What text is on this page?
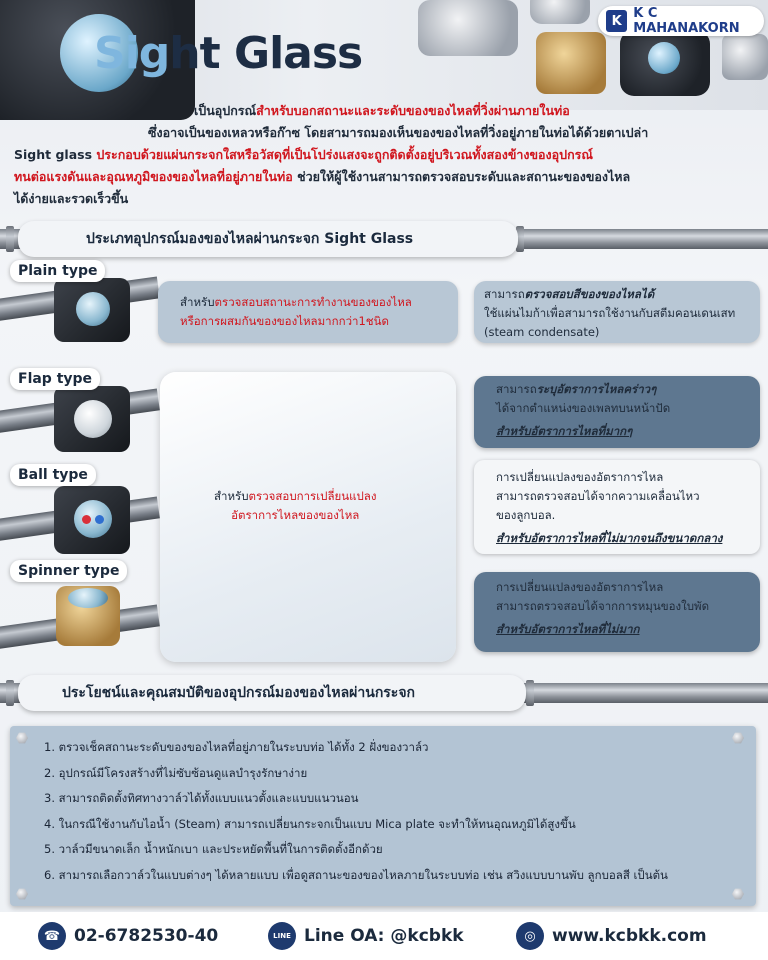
Sight Glass
K K C MAHANAKORN
เป็นอุปกรณ์สำหรับบอกสถานะและระดับของของไหลที่วิ่งผ่านภายในท่อ
ซึ่งอาจเป็นของเหลวหรือก๊าซ โดยสามารถมองเห็นของของไหลที่วิ่งอยู่ภายในท่อได้ด้วยตาเปล่า
Sight glass ประกอบด้วยแผ่นกระจกใสหรือวัสดุที่เป็นโปร่งแสงจะถูกติดตั้งอยู่บริเวณทั้งสองข้างของอุปกรณ์
ทนต่อแรงดันและอุณหภูมิของของไหลที่อยู่ภายในท่อ ช่วยให้ผู้ใช้งานสามารถตรวจสอบระดับและสถานะของของไหล
ได้ง่ายและรวดเร็วขึ้น
ประเภทอุปกรณ์มองของไหลผ่านกระจก Sight Glass
Plain type
สำหรับตรวจสอบสถานะการทำงานของของไหล
หรือการผสมกันของของไหลมากกว่า1ชนิด
สามารถตรวจสอบสีของของไหลได้
ใช้แผ่นไมก้าเพื่อสามารถใช้งานกับสตีมคอนเดนเสท
(steam condensate)
สำหรับตรวจสอบการเปลี่ยนแปลง
อัตราการไหลของของไหล
Flap type
สามารถระบุอัตราการไหลคร่าวๆ
ได้จากตำแหน่งของเพลทบนหน้าปัด
สำหรับอัตราการไหลที่มากๆ
Ball type	การเปลี่ยนแปลงของอัตราการไหล
สามารถตรวจสอบได้จากความเคลื่อนไหว
ของลูกบอล.
สำหรับอัตราการไหลที่ไม่มากจนถึงขนาดกลาง
Spinner type
การเปลี่ยนแปลงของอัตราการไหล
สามารถตรวจสอบได้จากการหมุนของใบพัด
สำหรับอัตราการไหลที่ไม่มาก
ประโยชน์และคุณสมบัติของอุปกรณ์มองของไหลผ่านกระจก
1. ตรวจเช็คสถานะระดับของของไหลที่อยู่ภายในระบบท่อ ได้ทั้ง 2 ฝั่งของวาล์ว
2. อุปกรณ์มีโครงสร้างที่ไม่ซับซ้อนดูแลบำรุงรักษาง่าย
3. สามารถติดตั้งทิศทางวาล์วได้ทั้งแบบแนวตั้งและแบบแนวนอน
4. ในกรณีใช้งานกับไอน้ำ (Steam) สามารถเปลี่ยนกระจกเป็นแบบ Mica plate จะทำให้ทนอุณหภูมิได้สูงขึ้น
5. วาล์วมีขนาดเล็ก น้ำหนักเบา และประหยัดพื้นที่ในการติดตั้งอีกด้วย
6. สามารถเลือกวาล์วในแบบต่างๆ ได้หลายแบบ เพื่อดูสถานะของของไหลภายในระบบท่อ เช่น สวิงแบบบานพับ ลูกบอลสี เป็นต้น
☎ 02-6782530-40	LINE Line OA: @kcbkk	◎ www.kcbkk.com
